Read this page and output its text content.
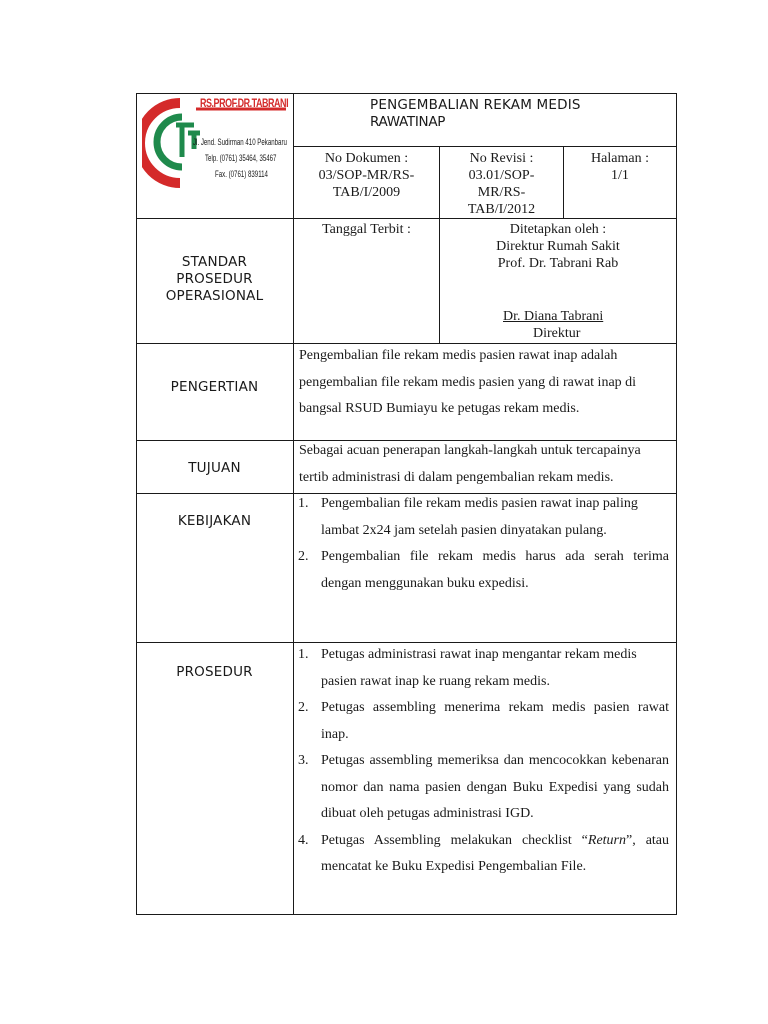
RS.PROF.DR.TABRANI
Jl. Jend. Sudirman 410 Pekanbaru
Telp. (0761) 35464, 35467
Fax. (0761) 839114
PENGEMBALIAN REKAM MEDIS
RAWATINAP
No Dokumen :
03/SOP-MR/RS-
TAB/I/2009
No Revisi :
03.01/SOP-
MR/RS-
TAB/I/2012
Halaman :
1/1
STANDAR
PROSEDUR
OPERASIONAL
Tanggal Terbit :	Ditetapkan oleh :
Direktur Rumah Sakit
Prof. Dr. Tabrani Rab
Dr. Diana Tabrani
Direktur
PENGERTIAN
Pengembalian file rekam medis pasien rawat inap adalah pengembalian file rekam medis pasien yang di rawat inap di bangsal RSUD Bumiayu ke petugas rekam medis.
TUJUAN
Sebagai acuan penerapan langkah-langkah untuk tercapainya tertib administrasi di dalam pengembalian rekam medis.
KEBIJAKAN
1. Pengembalian file rekam medis pasien rawat inap paling lambat 2x24 jam setelah pasien dinyatakan pulang.
2. Pengembalian file rekam medis harus ada serah terima dengan menggunakan buku expedisi.
PROSEDUR
1. Petugas administrasi rawat inap mengantar rekam medis pasien rawat inap ke ruang rekam medis.
2. Petugas assembling menerima rekam medis pasien rawat inap.
3. Petugas assembling memeriksa dan mencocokkan kebenaran nomor dan nama pasien dengan Buku Expedisi yang sudah dibuat oleh petugas administrasi IGD.
4. Petugas Assembling melakukan checklist “Return”, atau mencatat ke Buku Expedisi Pengembalian File.
